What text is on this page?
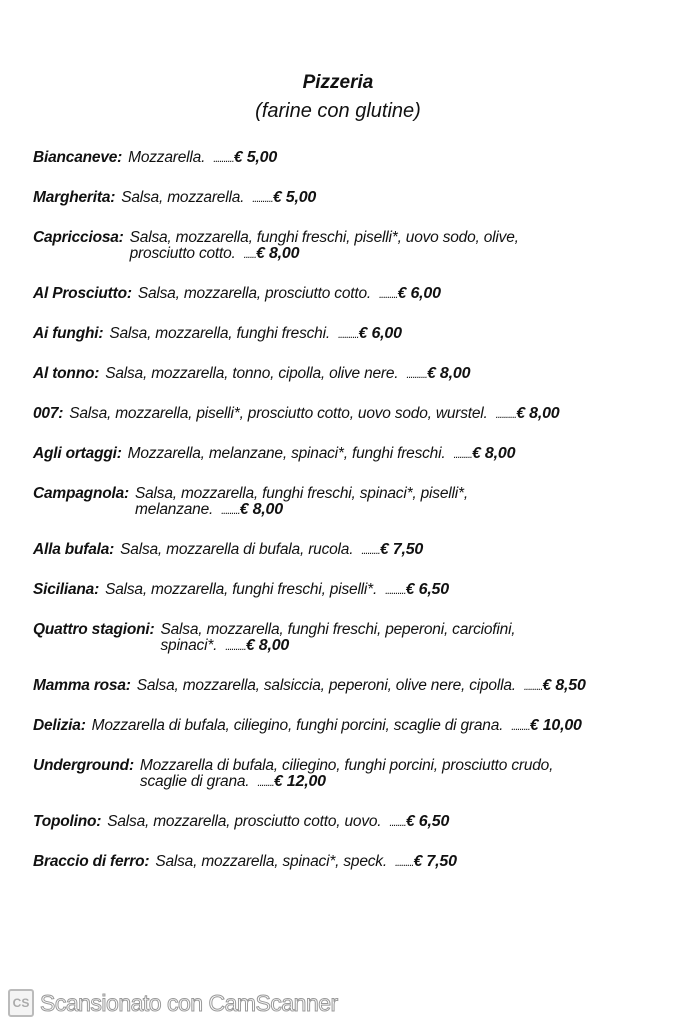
Pizzeria
(farine con glutine)
Biancaneve: Mozzarella. ..........€ 5,00
Margherita: Salsa, mozzarella. ..........€ 5,00
Capricciosa: Salsa, mozzarella, funghi freschi, piselli*, uovo sodo, olive,
prosciutto cotto. ......€ 8,00
Al Prosciutto: Salsa, mozzarella, prosciutto cotto. .........€ 6,00
Ai funghi: Salsa, mozzarella, funghi freschi. ..........€ 6,00
Al tonno: Salsa, mozzarella, tonno, cipolla, olive nere. ..........€ 8,00
007: Salsa, mozzarella, piselli*, prosciutto cotto, uovo sodo, wurstel. ..........€ 8,00
Agli ortaggi: Mozzarella, melanzane, spinaci*, funghi freschi. .........€ 8,00
Campagnola: Salsa, mozzarella, funghi freschi, spinaci*, piselli*,
melanzane. .........€ 8,00
Alla bufala: Salsa, mozzarella di bufala, rucola. .........€ 7,50
Siciliana: Salsa, mozzarella, funghi freschi, piselli*. ..........€ 6,50
Quattro stagioni: Salsa, mozzarella, funghi freschi, peperoni, carciofini,
spinaci*. ..........€ 8,00
Mamma rosa: Salsa, mozzarella, salsiccia, peperoni, olive nere, cipolla. .........€ 8,50
Delizia: Mozzarella di bufala, ciliegino, funghi porcini, scaglie di grana. .........€ 10,00
Underground: Mozzarella di bufala, ciliegino, funghi porcini, prosciutto crudo,
scaglie di grana. ........€ 12,00
Topolino: Salsa, mozzarella, prosciutto cotto, uovo. ........€ 6,50
Braccio di ferro: Salsa, mozzarella, spinaci*, speck. .........€ 7,50
CS Scansionato con CamScanner
